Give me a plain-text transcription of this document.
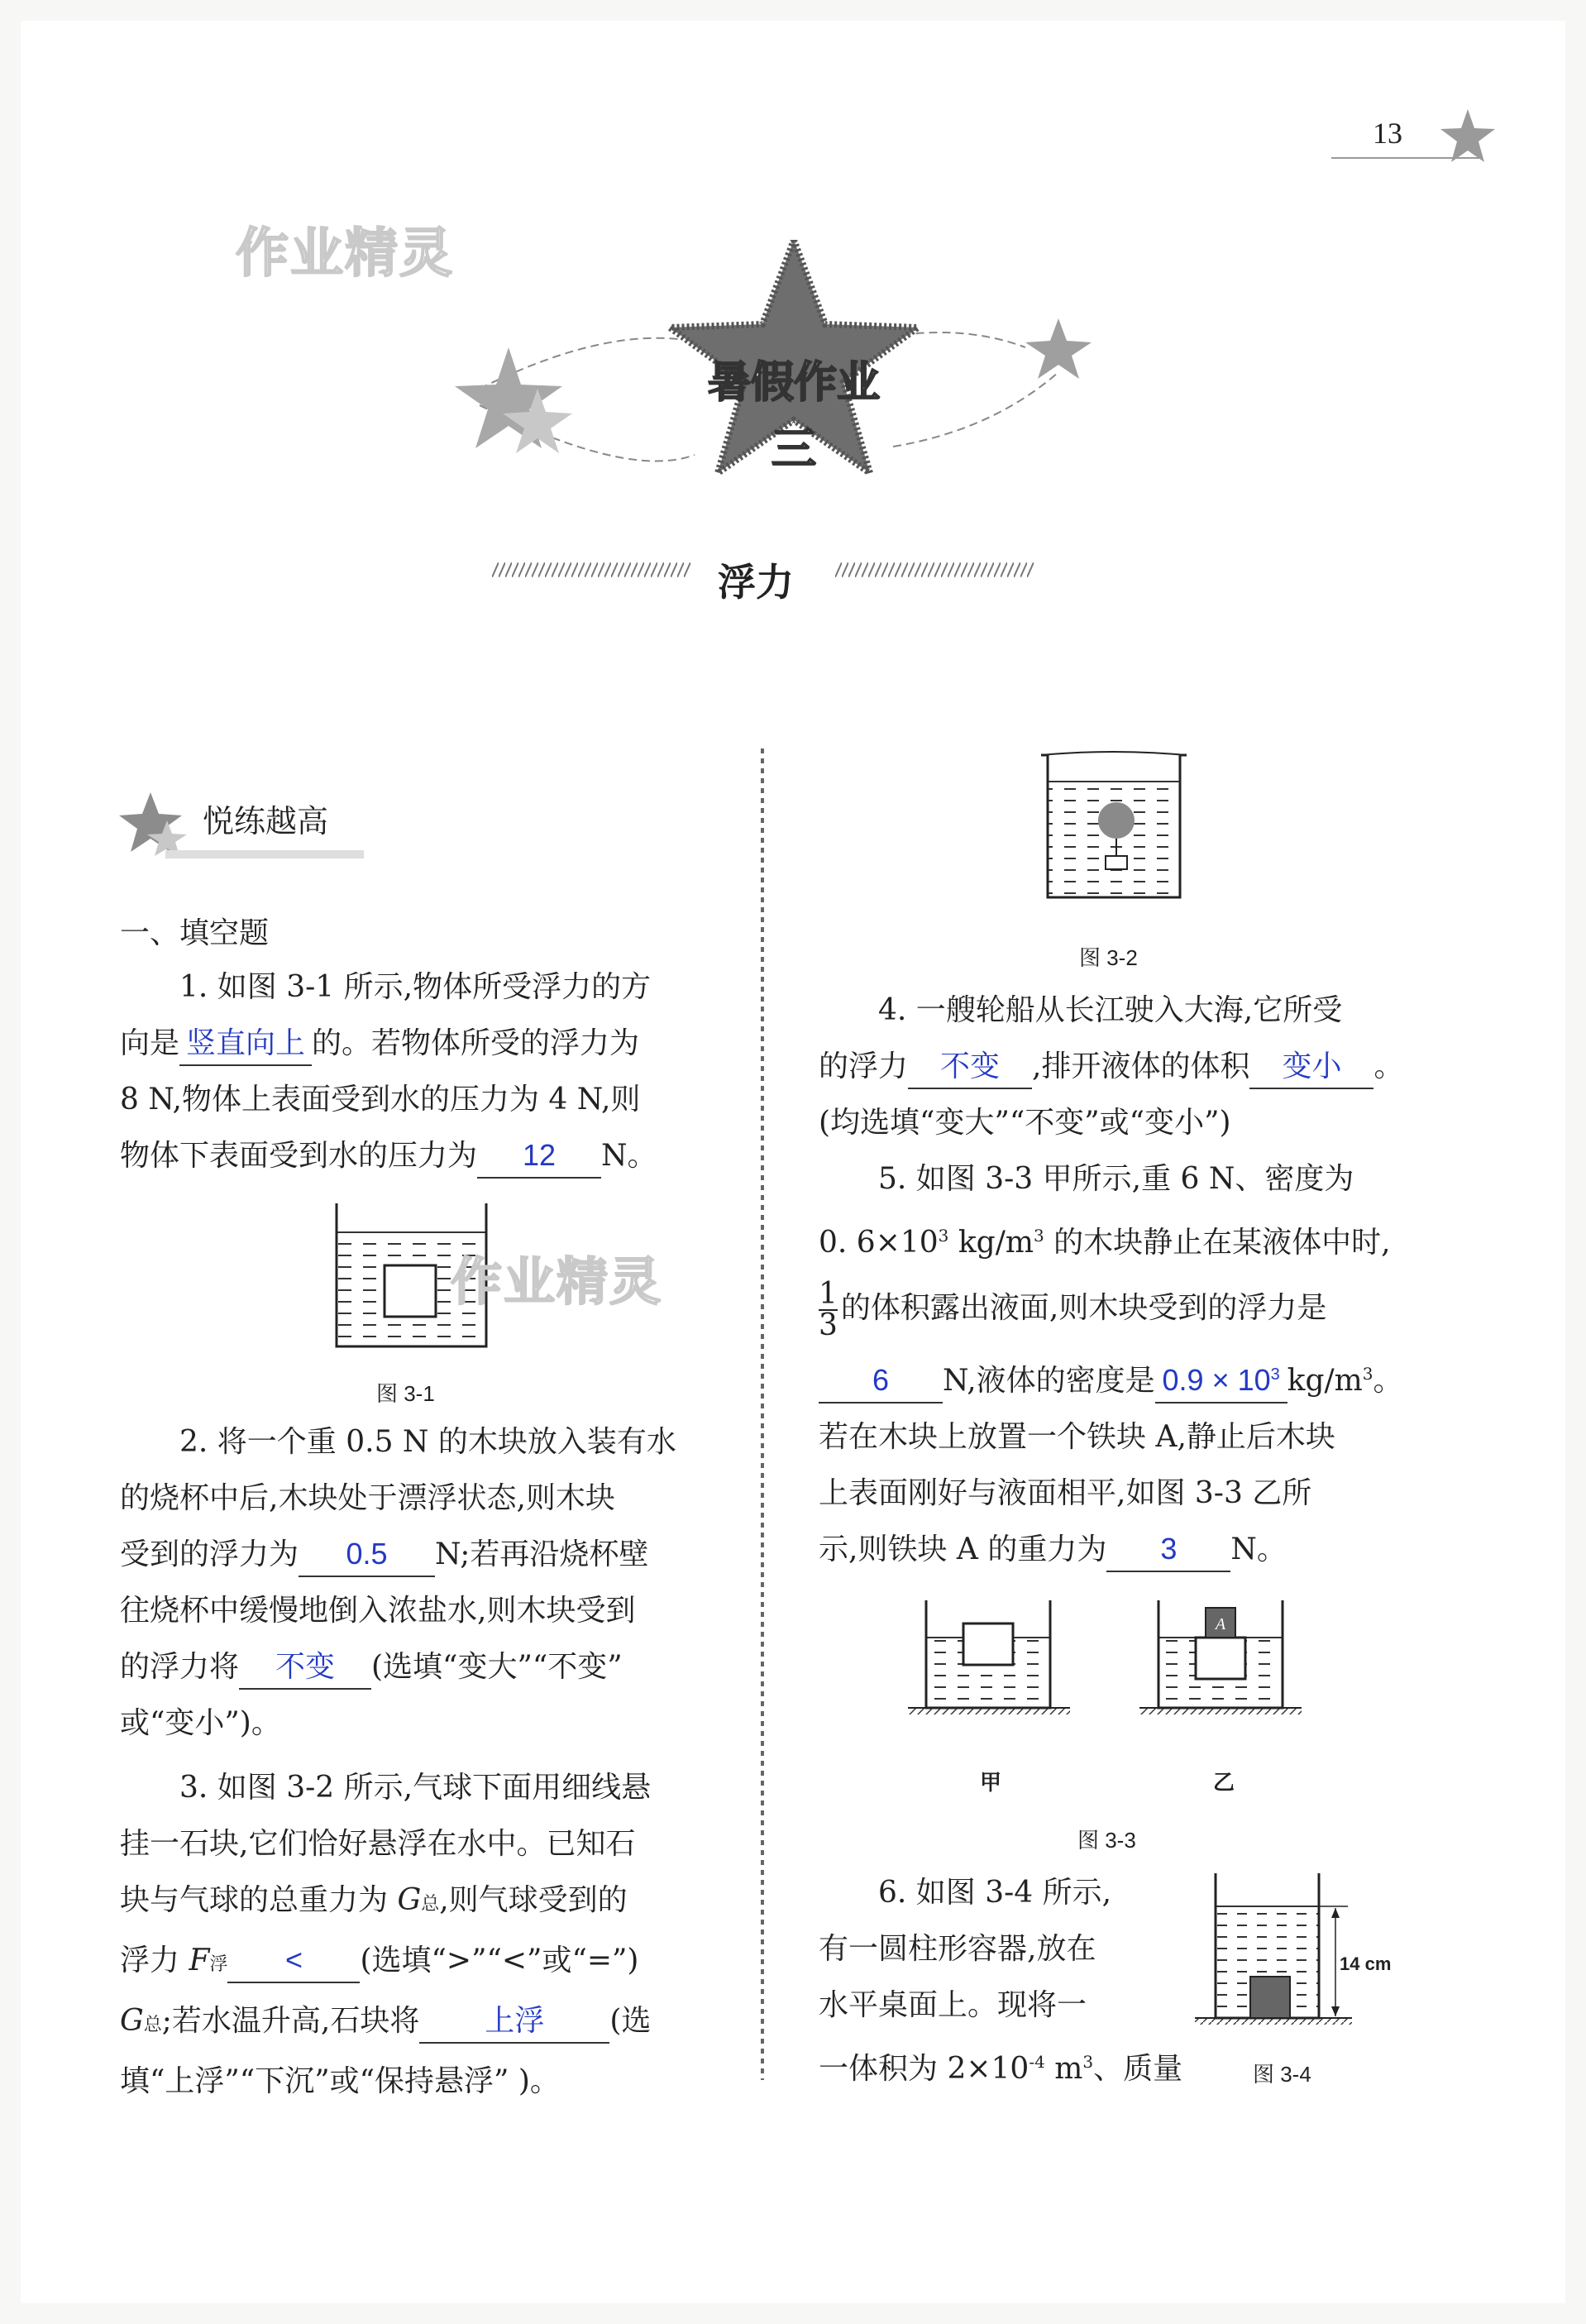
13
作业精灵
暑假作业
三
浮力
悦练越高
一、填空题

1. 如图 3-1 所示,物体所受浮力的方

向是 竖直向上 的。若物体所受的浮力为

8 N,物体上表面受到水的压力为 4 N,则

物体下表面受到水的压力为 12 N。

作业精灵
图 3-1

2. 将一个重 0.5 N 的木块放入装有水

的烧杯中后,木块处于漂浮状态,则木块

受到的浮力为 0.5 N;若再沿烧杯壁

往烧杯中缓慢地倒入浓盐水,则木块受到

的浮力将 不变 (选填“变大”“不变”

或“变小”)。

3. 如图 3-2 所示,气球下面用细线悬

挂一石块,它们恰好悬浮在水中。已知石

块与气球的总重力为 G总,则气球受到的

浮力 F浮 < (选填“>”“<”或“=”)

G总;若水温升高,石块将 上浮 (选

填“上浮”“下沉”或“保持悬浮” )。

图 3-2

4. 一艘轮船从长江驶入大海,它所受

的浮力 不变 ,排开液体的体积 变小 。

(均选填“变大”“不变”或“变小”)

5. 如图 3-3 甲所示,重 6 N、密度为

0. $6\times 10^3$ $kg/m^3$ 的木块静止在某液体中时,

$\frac{1}{3}$ 的体积露出液面,则木块受到的浮力是

6 N,液体的密度是 $0.9 \times 10^3$ $kg/m^3$。

若在木块上放置一个铁块 A,静止后木块

上表面刚好与液面相平,如图 3-3 乙所

示,则铁块 A 的重力为 3 N。

A
甲	乙
图 3-3

6. 如图 3-4 所示,

有一圆柱形容器,放在

水平桌面上。现将一

一体积为 $2\times 10^{-4}$ $m^3$、质量

14 cm
图 3-4
